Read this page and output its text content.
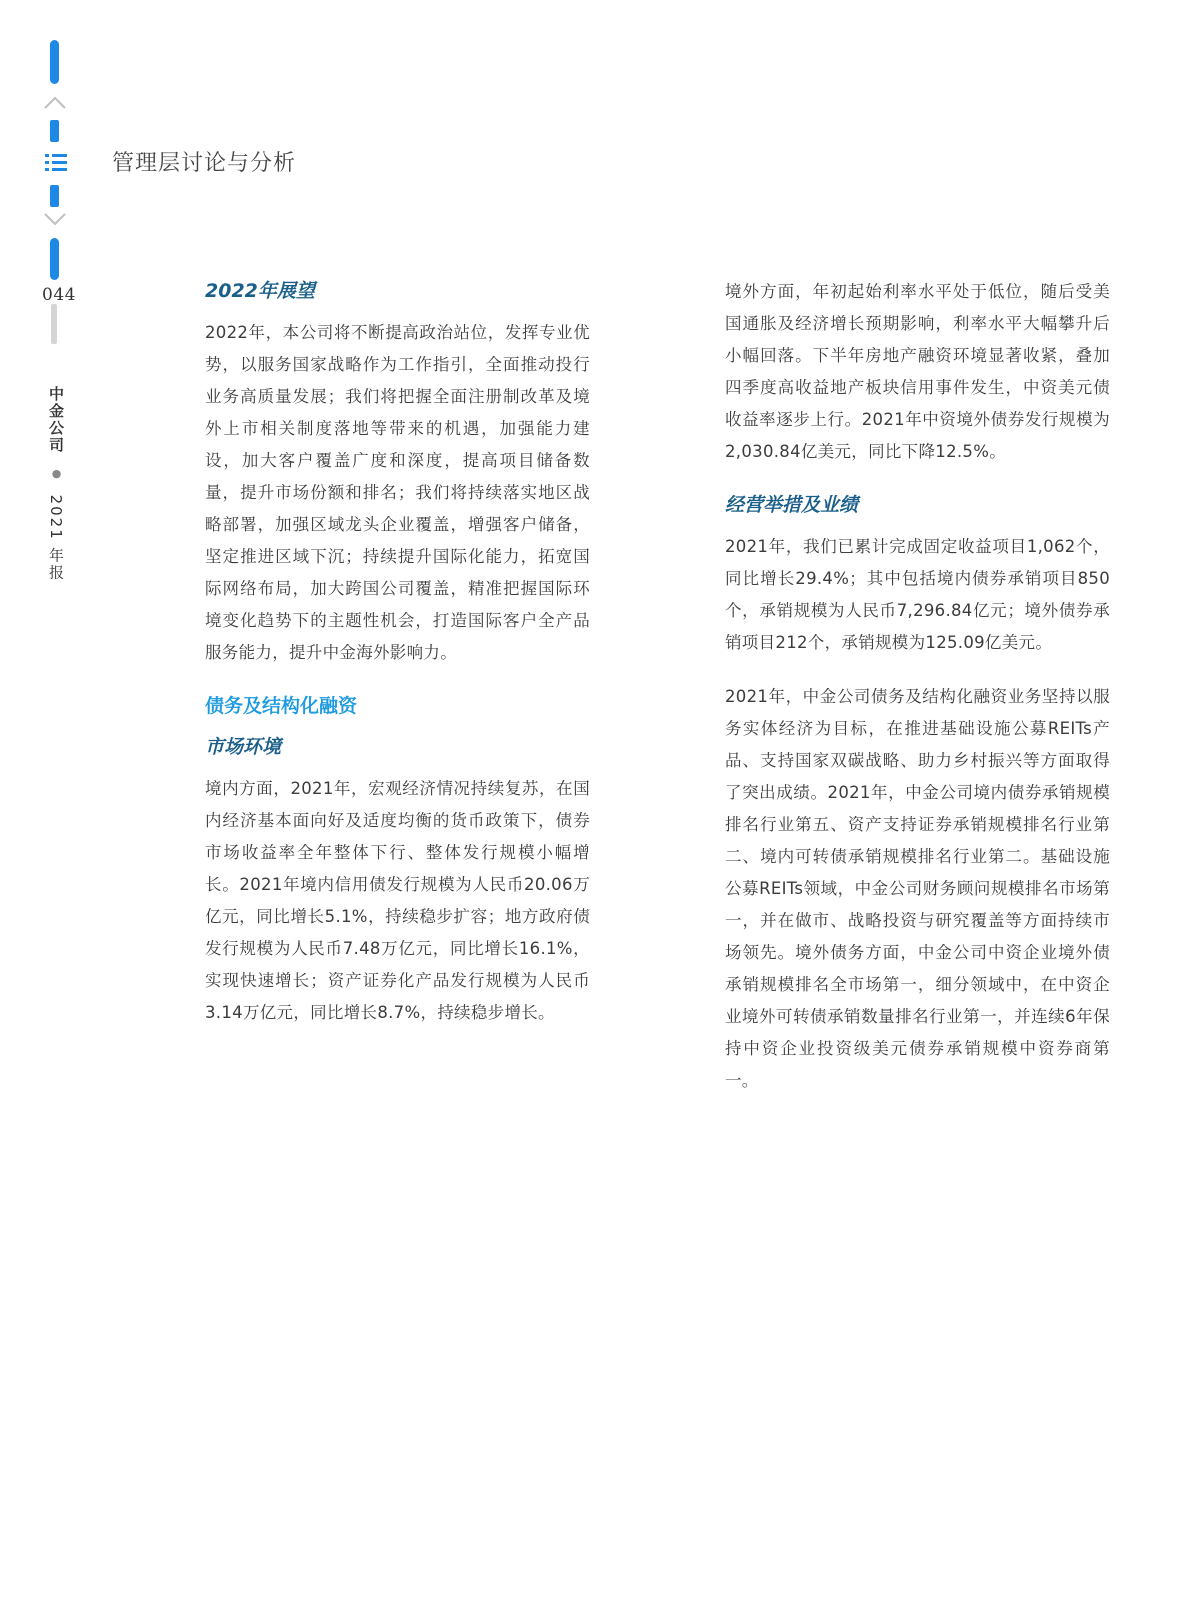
044
中金公司 ● 2021 年报
管理层讨论与分析
2022年展望

2022年，本公司将不断提高政治站位，发挥专业优势，以服务国家战略作为工作指引，全面推动投行业务高质量发展；我们将把握全面注册制改革及境外上市相关制度落地等带来的机遇，加强能力建设，加大客户覆盖广度和深度，提高项目储备数量，提升市场份额和排名；我们将持续落实地区战略部署，加强区域龙头企业覆盖，增强客户储备，坚定推进区域下沉；持续提升国际化能力，拓宽国际网络布局，加大跨国公司覆盖，精准把握国际环境变化趋势下的主题性机会，打造国际客户全产品服务能力，提升中金海外影响力。

债务及结构化融资
市场环境

境内方面，2021年，宏观经济情况持续复苏，在国内经济基本面向好及适度均衡的货币政策下，债券市场收益率全年整体下行、整体发行规模小幅增长。2021年境内信用债发行规模为人民币20.06万亿元，同比增长5.1%，持续稳步扩容；地方政府债发行规模为人民币7.48万亿元，同比增长16.1%，实现快速增长；资产证券化产品发行规模为人民币3.14万亿元，同比增长8.7%，持续稳步增长。

境外方面，年初起始利率水平处于低位，随后受美国通胀及经济增长预期影响，利率水平大幅攀升后小幅回落。下半年房地产融资环境显著收紧，叠加四季度高收益地产板块信用事件发生，中资美元债收益率逐步上行。2021年中资境外债券发行规模为2,030.84亿美元，同比下降12.5%。

经营举措及业绩

2021年，我们已累计完成固定收益项目1,062个，同比增长29.4%；其中包括境内债券承销项目850个，承销规模为人民币7,296.84亿元；境外债券承销项目212个，承销规模为125.09亿美元。

2021年，中金公司债务及结构化融资业务坚持以服务实体经济为目标，在推进基础设施公募REITs产品、支持国家双碳战略、助力乡村振兴等方面取得了突出成绩。2021年，中金公司境内债券承销规模排名行业第五、资产支持证券承销规模排名行业第二、境内可转债承销规模排名行业第二。基础设施公募REITs领域，中金公司财务顾问规模排名市场第一，并在做市、战略投资与研究覆盖等方面持续市场领先。境外债务方面，中金公司中资企业境外债承销规模排名全市场第一，细分领域中，在中资企业境外可转债承销数量排名行业第一，并连续6年保持中资企业投资级美元债券承销规模中资券商第一。
